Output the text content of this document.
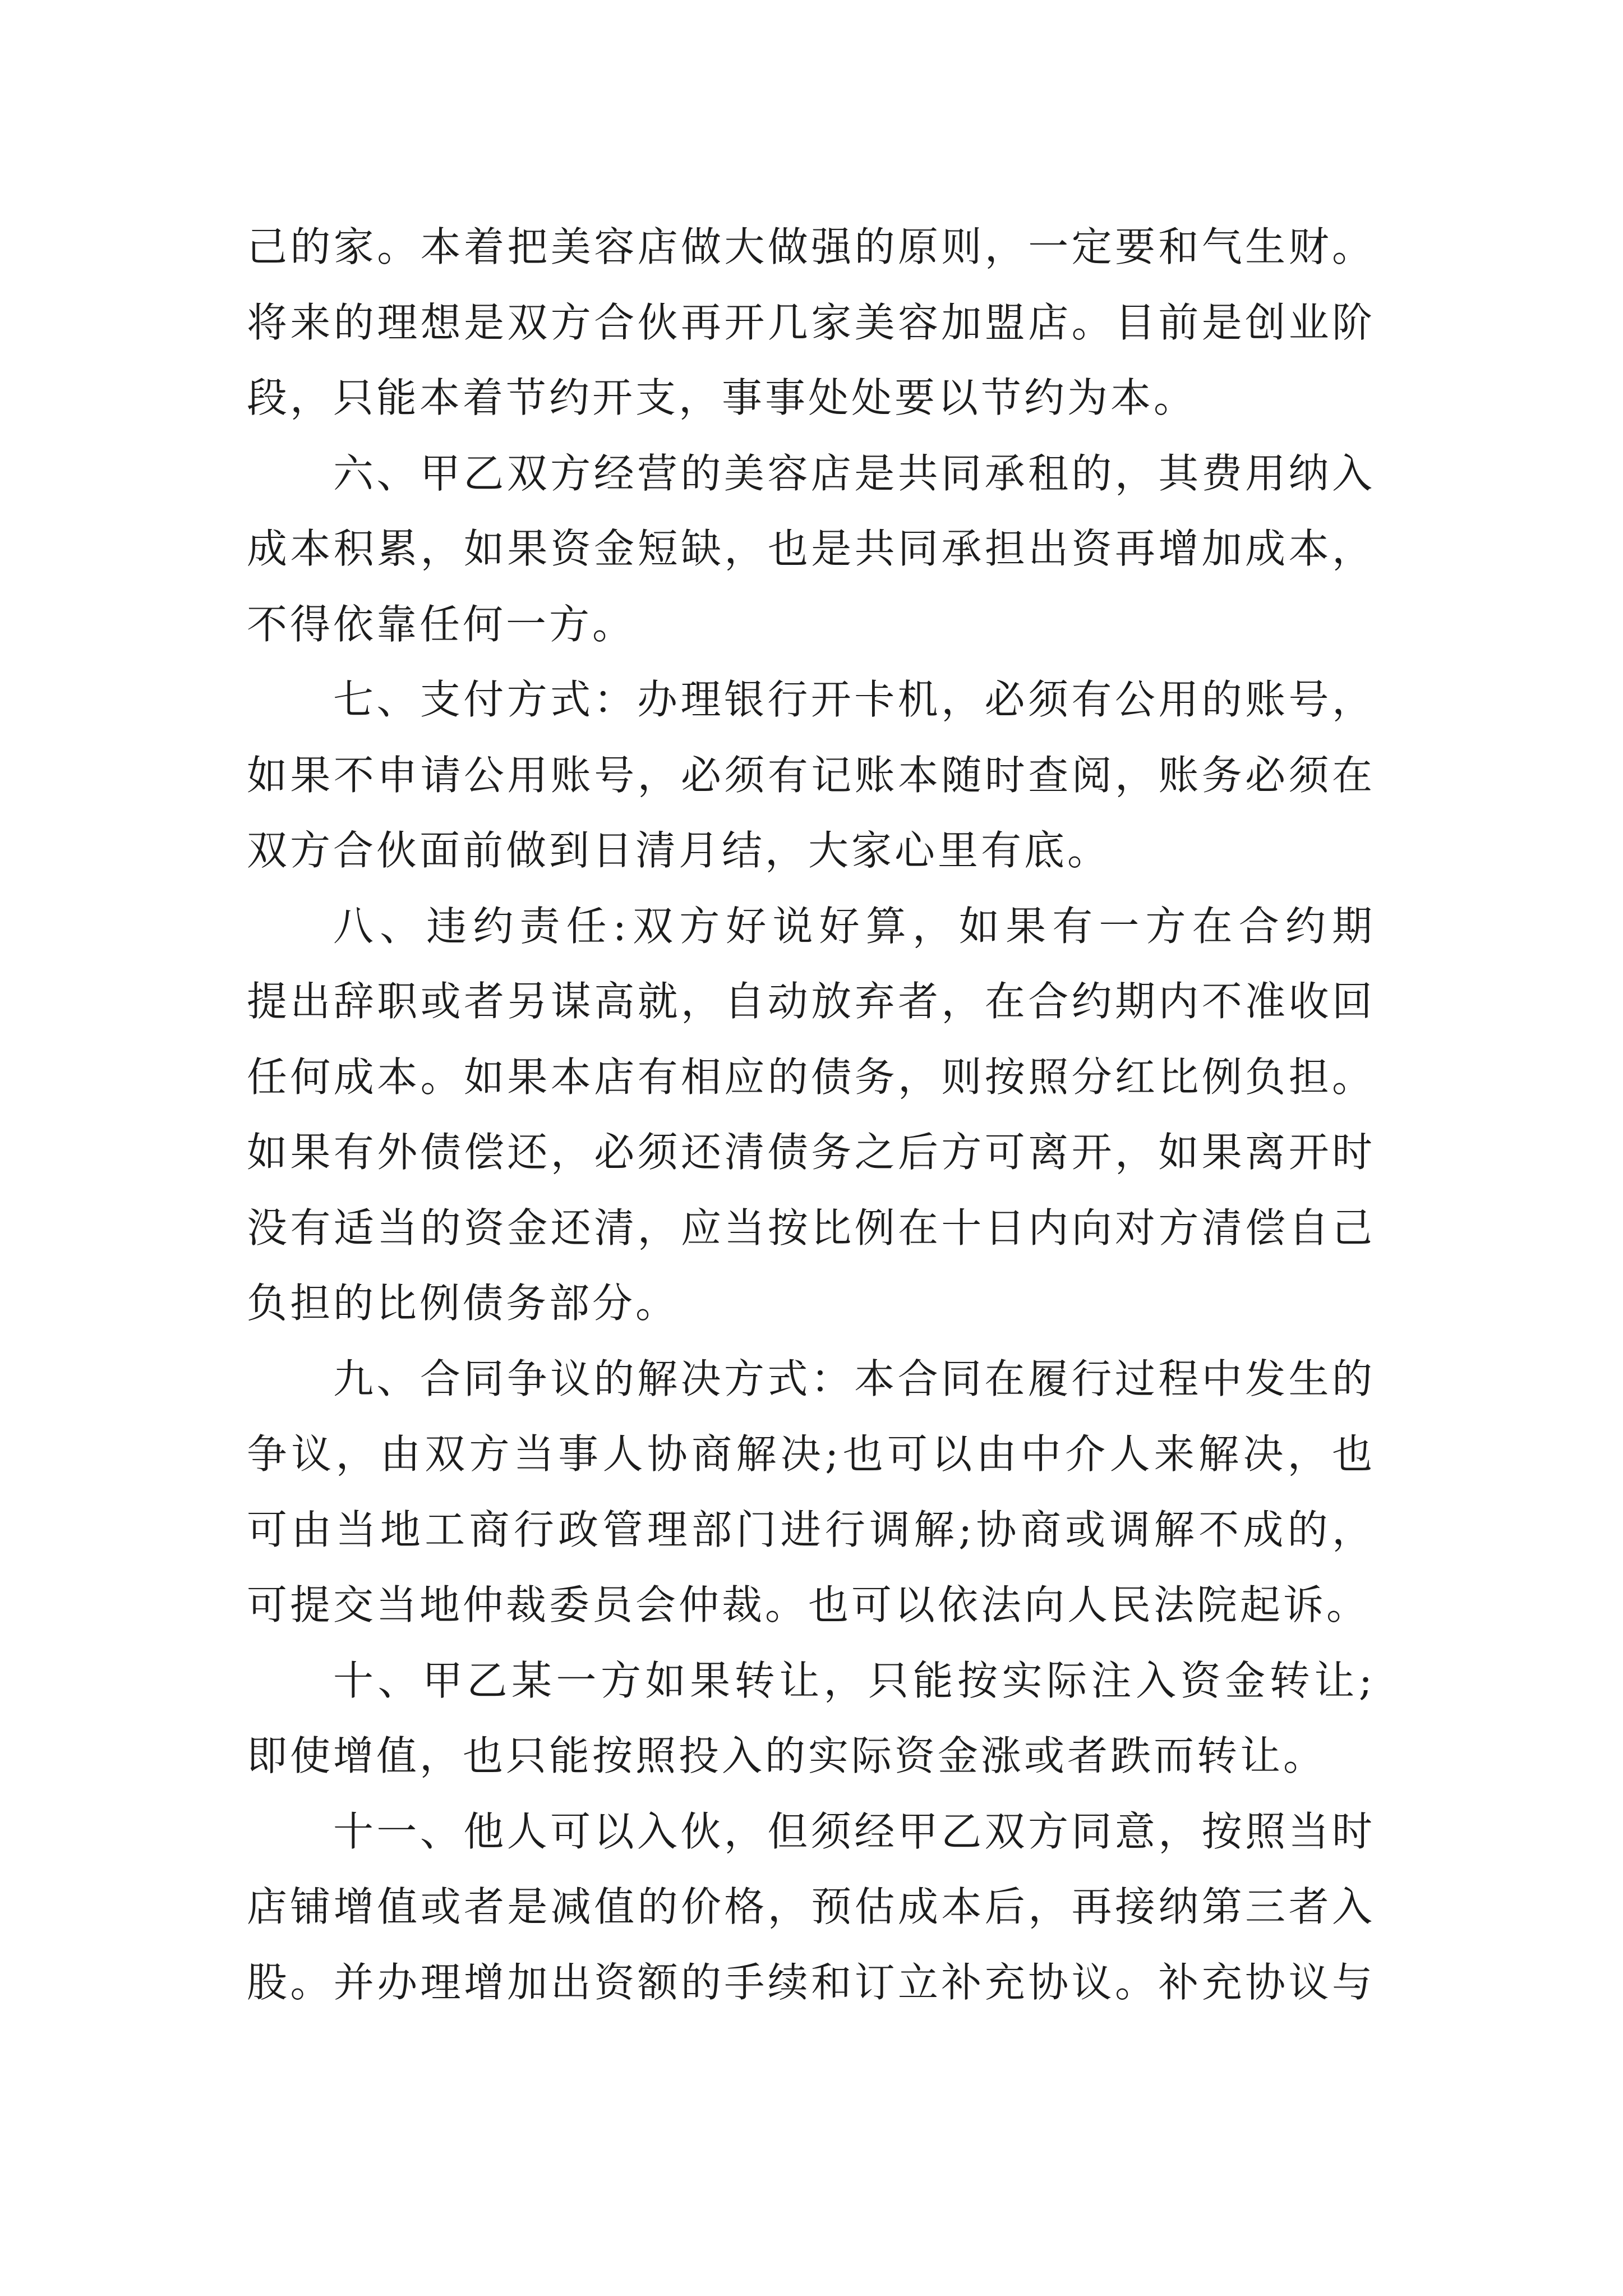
己的家。本着把美容店做大做强的原则，一定要和气生财。
将来的理想是双方合伙再开几家美容加盟店。目前是创业阶
段，只能本着节约开支，事事处处要以节约为本。
六、甲乙双方经营的美容店是共同承租的，其费用纳入
成本积累，如果资金短缺，也是共同承担出资再增加成本，
不得依靠任何一方。
七、支付方式：办理银行开卡机，必须有公用的账号，
如果不申请公用账号，必须有记账本随时查阅，账务必须在
双方合伙面前做到日清月结，大家心里有底。
八、违约责任:双方好说好算，如果有一方在合约期
提出辞职或者另谋高就，自动放弃者，在合约期内不准收回
任何成本。如果本店有相应的债务，则按照分红比例负担。
如果有外债偿还，必须还清债务之后方可离开，如果离开时
没有适当的资金还清，应当按比例在十日内向对方清偿自己
负担的比例债务部分。
九、合同争议的解决方式：本合同在履行过程中发生的
争议，由双方当事人协商解决;也可以由中介人来解决，也
可由当地工商行政管理部门进行调解;协商或调解不成的，
可提交当地仲裁委员会仲裁。也可以依法向人民法院起诉。
十、甲乙某一方如果转让，只能按实际注入资金转让;
即使增值，也只能按照投入的实际资金涨或者跌而转让。
十一、他人可以入伙，但须经甲乙双方同意，按照当时
店铺增值或者是减值的价格，预估成本后，再接纳第三者入
股。并办理增加出资额的手续和订立补充协议。补充协议与
